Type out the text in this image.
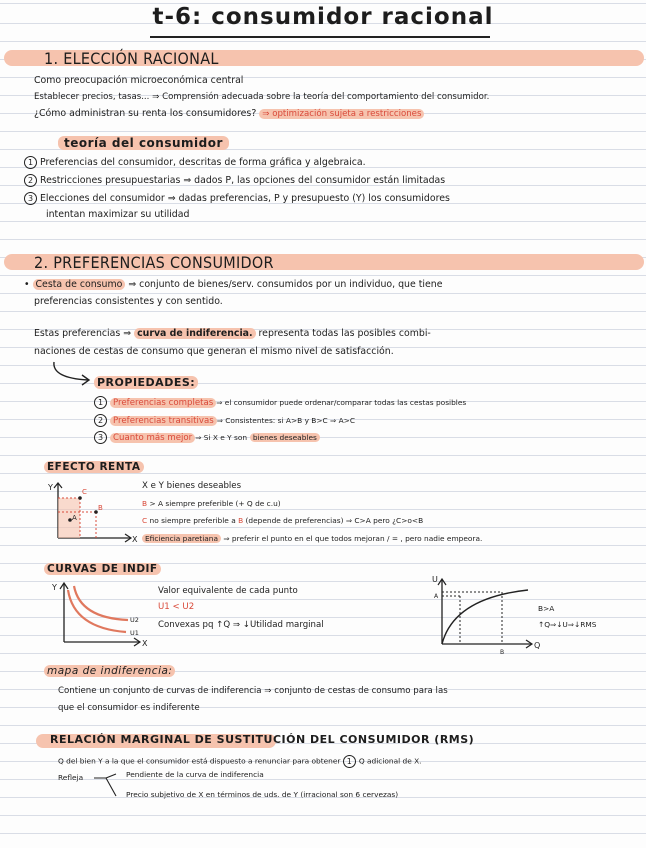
t-6: consumidor racional
1. ELECCIÓN RACIONAL
Como preocupación microeconómica central
Establecer precios, tasas... ⇒ Comprensión adecuada sobre la teoría del comportamiento del consumidor.
¿Cómo administran su renta los consumidores? ⇒ optimización sujeta a restricciones
teoría del consumidor
1 Preferencias del consumidor, descritas de forma gráfica y algebraica.
2 Restricciones presupuestarias ⇒ dados P, las opciones del consumidor están limitadas
3 Elecciones del consumidor ⇒ dadas preferencias, P y presupuesto (Y) los consumidores
intentan maximizar su utilidad
2. PREFERENCIAS CONSUMIDOR
• Cesta de consumo ⇒ conjunto de bienes/serv. consumidos por un individuo, que tiene
preferencias consistentes y con sentido.
Estas preferencias ⇒ curva de indiferencia. representa todas las posibles combi-
naciones de cestas de consumo que generan el mismo nivel de satisfacción.
PROPIEDADES:
1 Preferencias completas ⇒ el consumidor puede ordenar/comparar todas las cestas posibles
2 Preferencias transitivas ⇒ Consistentes: si A>B y B>C ⇒ A>C
3 Cuanto más mejor ⇒ Si X e Y son bienes deseables
EFECTO RENTA
C
B
A
Y
X
X e Y bienes deseables
B > A siempre preferible (+ Q de c.u)
C no siempre preferible a B (depende de preferencias) ⇒ C>A pero ¿C>o<B
Eficiencia paretiana ⇒ preferir el punto en el que todos mejoran / = , pero nadie empeora.
CURVAS DE INDIF
U2
U1
Y
X
Valor equivalente de cada punto
U1 < U2
Convexas pq ↑Q ⇒ ↓Utilidad marginal
U
Q
A
B
B>A
↑Q⇒↓U⇒↓RMS
mapa de indiferencia:
Contiene un conjunto de curvas de indiferencia ⇒ conjunto de cestas de consumo para las
que el consumidor es indiferente
RELACIÓN MARGINAL DE SUSTITUCIÓN DEL CONSUMIDOR (RMS)
Q del bien Y a la que el consumidor está dispuesto a renunciar para obtener 1 Q adicional de X.
Refleja	Pendiente de la curva de indiferencia
Precio subjetivo de X en términos de uds. de Y (irracional son 6 cervezas)
